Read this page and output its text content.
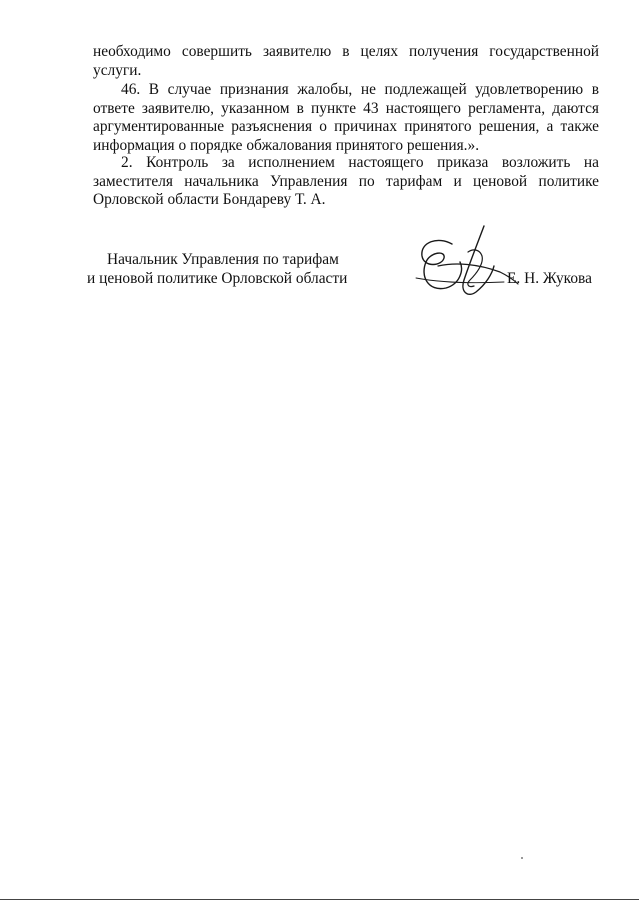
необходимо совершить заявителю в целях получения государственной услуги.

46. В случае признания жалобы, не подлежащей удовлетворению в ответе заявителю, указанном в пункте 43 настоящего регламента, даются аргументированные разъяснения о причинах принятого решения, а также информация о порядке обжалования принятого решения.».

2. Контроль за исполнением настоящего приказа возложить на заместителя начальника Управления по тарифам и ценовой политике Орловской области Бондареву Т. А.

Начальник Управления по тарифам
и ценовой политике Орловской области	Е. Н. Жукова
